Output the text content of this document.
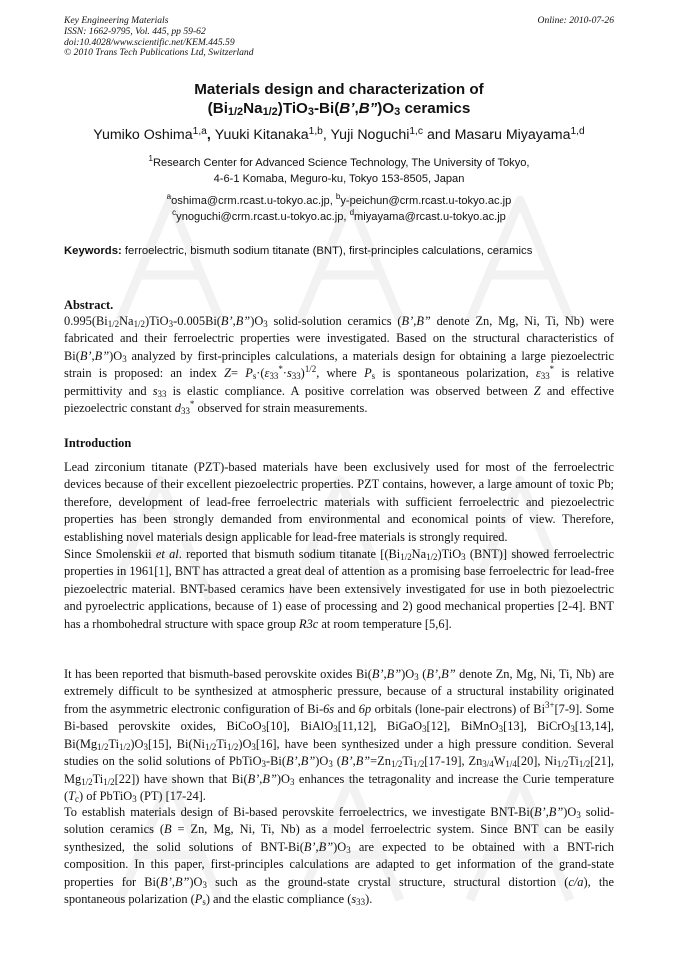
Key Engineering Materials
ISSN: 1662-9795, Vol. 445, pp 59-62
doi:10.4028/www.scientific.net/KEM.445.59
© 2010 Trans Tech Publications Ltd, Switzerland
Online: 2010-07-26
Materials design and characterization of
$(Bi_{1/2}Na_{1/2})TiO_3-Bi(B’,B”)O_3$ ceramics
Yumiko Oshima$^{1,a}$, Yuuki Kitanaka$^{1,b}$, Yuji Noguchi$^{1,c}$ and Masaru Miyayama$^{1,d}$
$^1$Research Center for Advanced Science Technology, The University of Tokyo,
4-6-1 Komaba, Meguro-ku, Tokyo 153-8505, Japan
$^a$oshima@crm.rcast.u-tokyo.ac.jp, $^b$y-peichun@crm.rcast.u-tokyo.ac.jp
$^c$ynoguchi@crm.rcast.u-tokyo.ac.jp, $^d$miyayama@rcast.u-tokyo.ac.jp
Keywords: ferroelectric, bismuth sodium titanate (BNT), first-principles calculations, ceramics
Abstract.

$0.995(Bi_{1/2}Na_{1/2})TiO_3-0.005Bi(B’,B”)O_3$ solid-solution ceramics (B’,B” denote Zn, Mg, Ni, Ti, Nb) were fabricated and their ferroelectric properties were investigated. Based on the structural characteristics of $Bi(B’,B”)O_3$ analyzed by first-principles calculations, a materials design for obtaining a large piezoelectric strain is proposed: an index $Z= P_s\cdot(\varepsilon_{33}^*\cdot s_{33})^{1/2}$, where $P_s$ is spontaneous polarization, $\varepsilon_{33}^*$ is relative permittivity and $s_{33}$ is elastic compliance. A positive correlation was observed between Z and effective piezoelectric constant $d_{33}^*$ observed for strain measurements.

Introduction

Lead zirconium titanate (PZT)-based materials have been exclusively used for most of the ferroelectric devices because of their excellent piezoelectric properties. PZT contains, however, a large amount of toxic Pb; therefore, development of lead-free ferroelectric materials with sufficient ferroelectric and piezoelectric properties has been strongly demanded from environmental and economical points of view. Therefore, establishing novel materials design applicable for lead-free materials is strongly required.

Since Smolenskii et al. reported that bismuth sodium titanate [$(Bi_{1/2}Na_{1/2})TiO_3$ (BNT)] showed ferroelectric properties in 1961[1], BNT has attracted a great deal of attention as a promising base ferroelectric for lead-free piezoelectric material. BNT-based ceramics have been extensively investigated for use in both piezoelectric and pyroelectric applications, because of 1) ease of processing and 2) good mechanical properties [2-4]. BNT has a rhombohedral structure with space group R3c at room temperature [5,6].

It has been reported that bismuth-based perovskite oxides $Bi(B’,B”)O_3$ (B’,B” denote Zn, Mg, Ni, Ti, Nb) are extremely difficult to be synthesized at atmospheric pressure, because of a structural instability originated from the asymmetric electronic configuration of Bi-6s and 6p orbitals (lone-pair electrons) of $Bi^{3+}[7-9]$. Some Bi-based perovskite oxides, BiCoO$_3$[10], BiAlO$_3$[11,12], BiGaO$_3$[12], BiMnO$_3$[13], BiCrO$_3$[13,14], $Bi(Mg_{1/2}Ti_{1/2})O_3[15]$, $Bi(Ni_{1/2}Ti_{1/2})O_3[16]$, have been synthesized under a high pressure condition. Several studies on the solid solutions of $PbTiO_3-Bi(B’,B”)O_3$ ($B’,B”=Zn_{1/2}Ti_{1/2}[17-19]$, $Zn_{3/4}W_{1/4}[20]$, $Ni_{1/2}Ti_{1/2}[21]$, $Mg_{1/2}Ti_{1/2}[22]$) have shown that $Bi(B’,B”)O_3$ enhances the tetragonality and increase the Curie temperature $(T_c)$ of PbTiO$_3$ (PT) [17-24].

To establish materials design of Bi-based perovskite ferroelectrics, we investigate BNT-$Bi(B’,B”)O_3$ solid-solution ceramics (B = Zn, Mg, Ni, Ti, Nb) as a model ferroelectric system. Since BNT can be easily synthesized, the solid solutions of BNT-$Bi(B’,B”)O_3$ are expected to be obtained with a BNT-rich composition. In this paper, first-principles calculations are adapted to get information of the grand-state properties for $Bi(B’,B”)O_3$ such as the ground-state crystal structure, structural distortion (c/a), the spontaneous polarization $(P_s)$ and the elastic compliance $(s_{33})$.
